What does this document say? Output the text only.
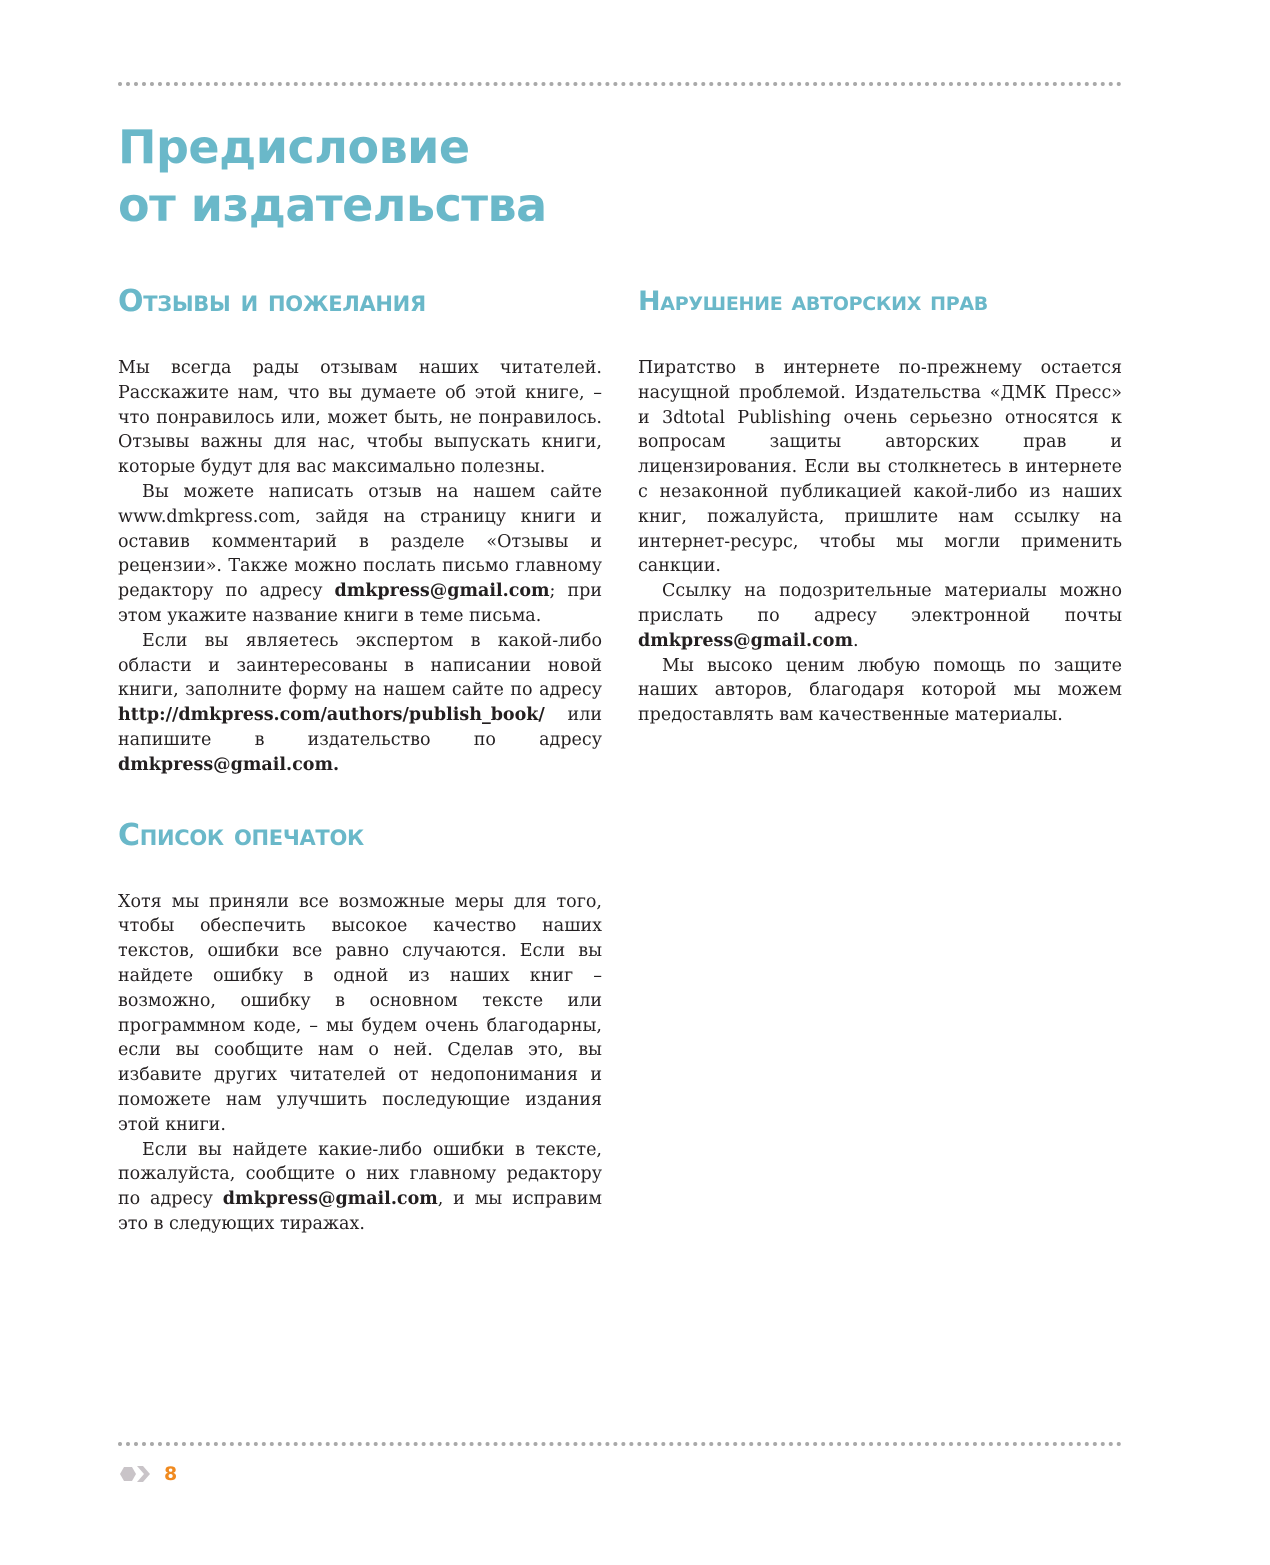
Предисловие
от издательства
Отзывы и пожелания

Мы всегда рады отзывам наших читателей. Расскажите нам, что вы думаете об этой книге, – что понравилось или, может быть, не понравилось. Отзывы важны для нас, чтобы выпускать книги, которые будут для вас максимально полезны.

Вы можете написать отзыв на нашем сайте www.dmkpress.com, зайдя на страницу книги и оставив комментарий в разделе «Отзывы и рецензии». Также можно послать письмо главному редактору по адресу dmkpress@gmail.com; при этом укажите название книги в теме письма.

Если вы являетесь экспертом в какой-либо области и заинтересованы в написании новой книги, заполните форму на нашем сайте по адресу http://dmkpress.com/authors/publish_book/ или напишите в издательство по адресу dmkpress@gmail.com.

Список опечаток

Хотя мы приняли все возможные меры для того, чтобы обеспечить высокое качество наших текстов, ошибки все равно случаются. Если вы найдете ошибку в одной из наших книг – возможно, ошибку в основном тексте или программном коде, – мы будем очень благодарны, если вы сообщите нам о ней. Сделав это, вы избавите других читателей от недопонимания и поможете нам улучшить последующие издания этой книги.

Если вы найдете какие-либо ошибки в тексте, пожалуйста, сообщите о них главному редактору по адресу dmkpress@gmail.com, и мы исправим это в следующих тиражах.

Нарушение авторских прав

Пиратство в интернете по-прежнему остается насущной проблемой. Издательства «ДМК Пресс» и 3dtotal Publishing очень серьезно относятся к вопросам защиты авторских прав и лицензирования. Если вы столкнетесь в интернете с незаконной публикацией какой-либо из наших книг, пожалуйста, пришлите нам ссылку на интернет-ресурс, чтобы мы могли применить санкции.

Ссылку на подозрительные материалы можно прислать по адресу электронной почты dmkpress@gmail.com.

Мы высоко ценим любую помощь по защите наших авторов, благодаря которой мы можем предоставлять вам качественные материалы.

8
